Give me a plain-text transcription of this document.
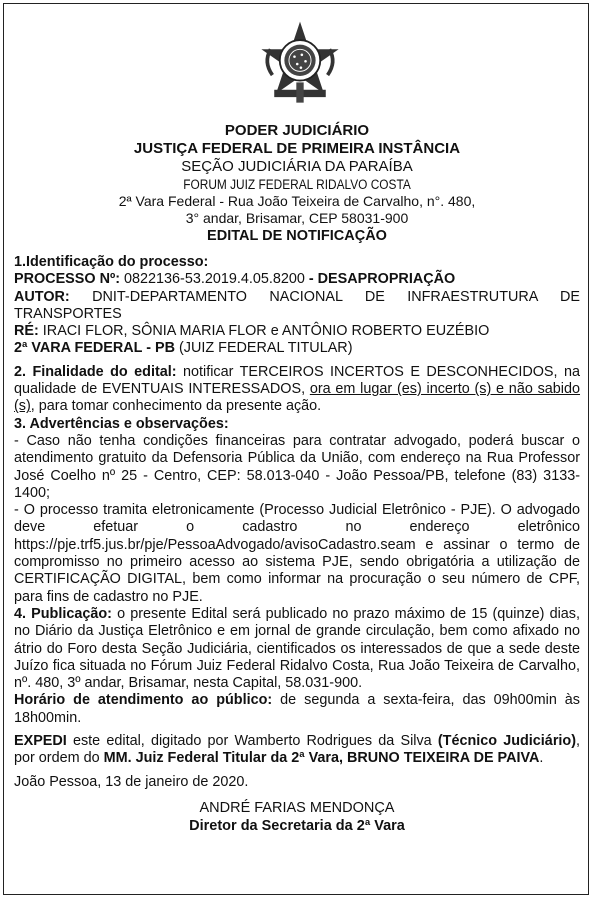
PODER JUDICIÁRIO
JUSTIÇA FEDERAL DE PRIMEIRA INSTÂNCIA
SEÇÃO JUDICIÁRIA DA PARAÍBA
FORUM JUIZ FEDERAL RIDALVO COSTA
2ª Vara Federal - Rua João Teixeira de Carvalho, n°. 480,
3° andar, Brisamar, CEP 58031-900
EDITAL DE NOTIFICAÇÃO

1.Identificação do processo:

PROCESSO Nº: 0822136-53.2019.4.05.8200 - DESAPROPRIAÇÃO

AUTOR: DNIT-DEPARTAMENTO NACIONAL DE INFRAESTRUTURA DE TRANSPORTES

RÉ: IRACI FLOR, SÔNIA MARIA FLOR e ANTÔNIO ROBERTO EUZÉBIO

2ª VARA FEDERAL - PB (JUIZ FEDERAL TITULAR)

2. Finalidade do edital: notificar TERCEIROS INCERTOS E DESCONHECIDOS, na qualidade de EVENTUAIS INTERESSADOS, ora em lugar (es) incerto (s) e não sabido (s), para tomar conhecimento da presente ação.

3. Advertências e observações:

- Caso não tenha condições financeiras para contratar advogado, poderá buscar o atendimento gratuito da Defensoria Pública da União, com endereço na Rua Professor José Coelho nº 25 - Centro, CEP: 58.013-040 - João Pessoa/PB, telefone (83) 3133-1400;

- O processo tramita eletronicamente (Processo Judicial Eletrônico - PJE). O advogado deve efetuar o cadastro no endereço eletrônico https://pje.trf5.jus.br/pje/PessoaAdvogado/avisoCadastro.seam e assinar o termo de compromisso no primeiro acesso ao sistema PJE, sendo obrigatória a utilização de CERTIFICAÇÃO DIGITAL, bem como informar na procuração o seu número de CPF, para fins de cadastro no PJE.

4. Publicação: o presente Edital será publicado no prazo máximo de 15 (quinze) dias, no Diário da Justiça Eletrônico e em jornal de grande circulação, bem como afixado no átrio do Foro desta Seção Judiciária, cientificados os interessados de que a sede deste Juízo fica situada no Fórum Juiz Federal Ridalvo Costa, Rua João Teixeira de Carvalho, nº. 480, 3º andar, Brisamar, nesta Capital, 58.031-900.

Horário de atendimento ao público: de segunda a sexta-feira, das 09h00min às 18h00min.

EXPEDI este edital, digitado por Wamberto Rodrigues da Silva (Técnico Judiciário), por ordem do MM. Juiz Federal Titular da 2ª Vara, BRUNO TEIXEIRA DE PAIVA.

João Pessoa, 13 de janeiro de 2020.

ANDRÉ FARIAS MENDONÇA
Diretor da Secretaria da 2ª Vara
